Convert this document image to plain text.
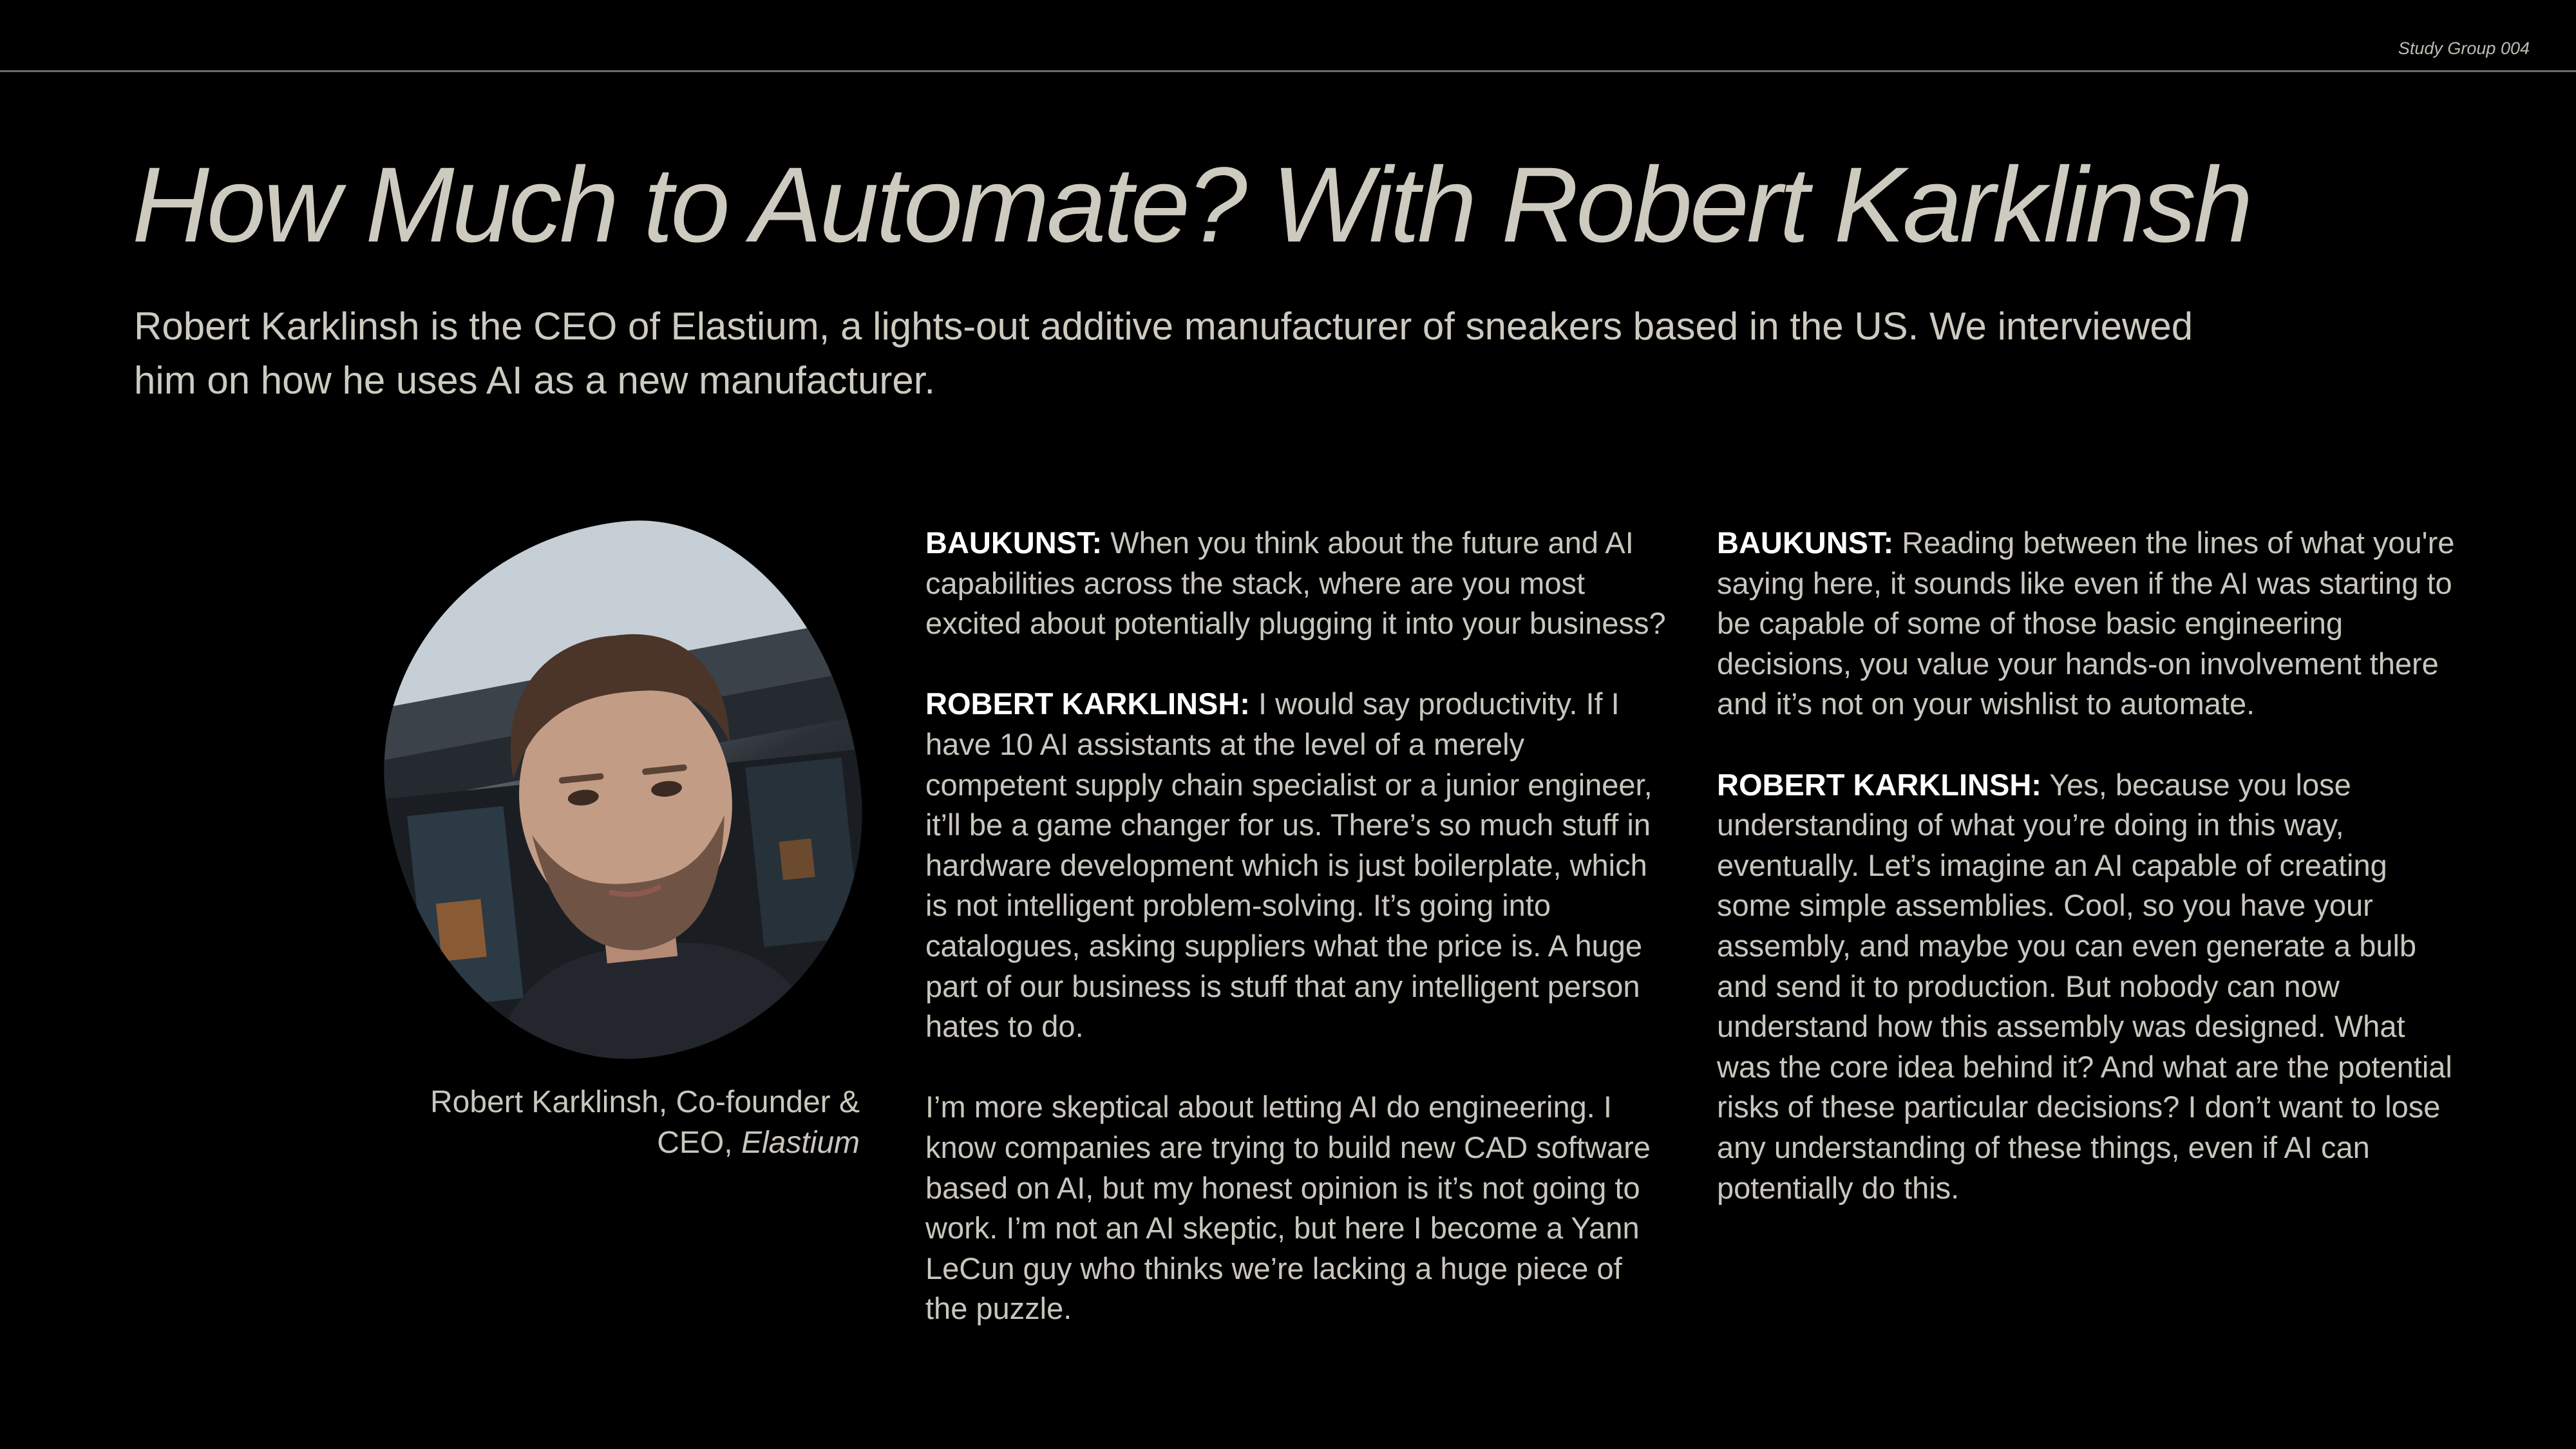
Study Group 004
How Much to Automate? With Robert Karklinsh

Robert Karklinsh is the CEO of Elastium, a lights-out additive manufacturer of sneakers based in the US. We interviewed him on how he uses AI as a new manufacturer.

Robert Karklinsh, Co-founder & CEO, Elastium

BAUKUNST: When you think about the future and AI capabilities across the stack, where are you most excited about potentially plugging it into your business?

ROBERT KARKLINSH: I would say productivity. If I have 10 AI assistants at the level of a merely competent supply chain specialist or a junior engineer, it’ll be a game changer for us. There’s so much stuff in hardware development which is just boilerplate, which is not intelligent problem-solving. It’s going into catalogues, asking suppliers what the price is. A huge part of our business is stuff that any intelligent person hates to do.

I’m more skeptical about letting AI do engineering. I know companies are trying to build new CAD software based on AI, but my honest opinion is it’s not going to work. I’m not an AI skeptic, but here I become a Yann LeCun guy who thinks we’re lacking a huge piece of the puzzle.

BAUKUNST: Reading between the lines of what you're saying here, it sounds like even if the AI was starting to be capable of some of those basic engineering decisions, you value your hands-on involvement there and it’s not on your wishlist to automate.

ROBERT KARKLINSH: Yes, because you lose understanding of what you’re doing in this way, eventually. Let’s imagine an AI capable of creating some simple assemblies. Cool, so you have your assembly, and maybe you can even generate a bulb and send it to production. But nobody can now understand how this assembly was designed. What was the core idea behind it? And what are the potential risks of these particular decisions? I don’t want to lose any understanding of these things, even if AI can potentially do this.
